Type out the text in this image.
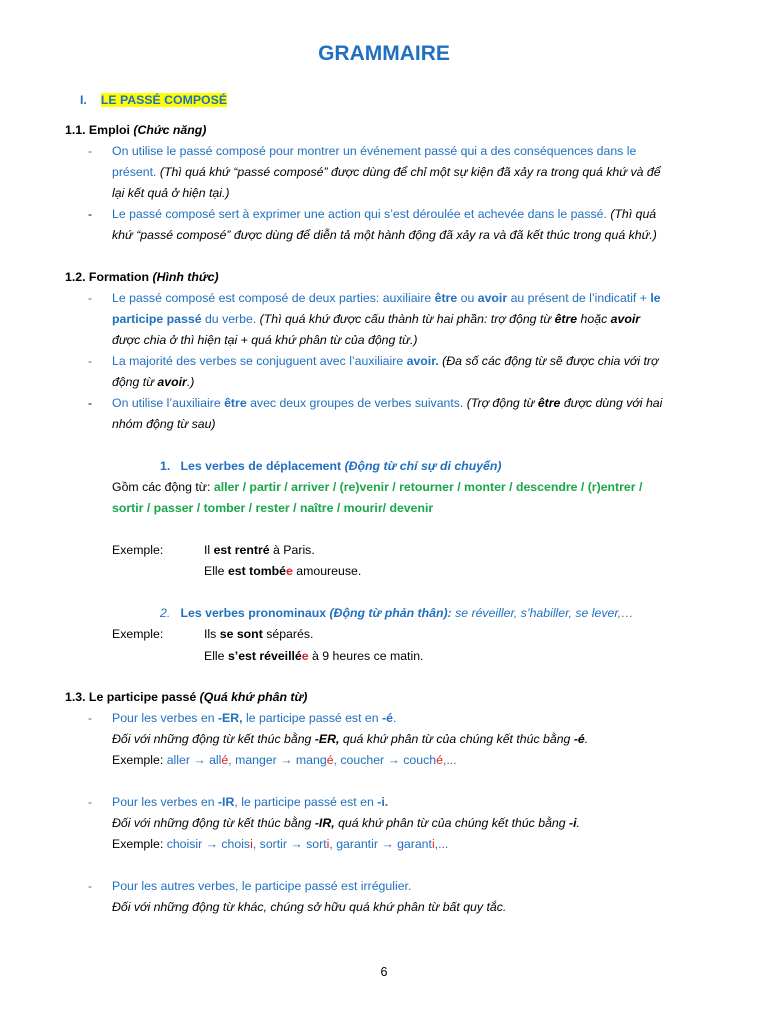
GRAMMAIRE
I. LE PASSÉ COMPOSÉ
1.1. Emploi (Chức năng)
- On utilise le passé composé pour montrer un événement passé qui a des conséquences dans le
présent. (Thì quá khứ “passé composé” được dùng để chỉ một sự kiện đã xảy ra trong quá khứ và để
lại kết quả ở hiện tại.)
- Le passé composé sert à exprimer une action qui s’est déroulée et achevée dans le passé. (Thì quá
khứ “passé composé” được dùng để diễn tả một hành động đã xảy ra và đã kết thúc trong quá khứ.)
1.2. Formation (Hình thức)
- Le passé composé est composé de deux parties: auxiliaire être ou avoir au présent de l’indicatif + le
participe passé du verbe. (Thì quá khứ được cấu thành từ hai phần: trợ động từ être hoặc avoir
được chia ở thì hiện tại + quá khứ phân từ của động từ.)
- La majorité des verbes se conjuguent avec l’auxiliaire avoir. (Đa số các động từ sẽ được chia với trợ
động từ avoir.)
- On utilise l’auxiliaire être avec deux groupes de verbes suivants. (Trợ động từ être được dùng với hai
nhóm động từ sau)
1. Les verbes de déplacement (Động từ chỉ sự di chuyển)
Gồm các động từ: aller / partir / arriver / (re)venir / retourner / monter / descendre / (r)entrer /
sortir / passer / tomber / rester / naître / mourir/ devenir
Exemple:	Il est rentré à Paris.
Elle est tombée amoureuse.
2. Les verbes pronominaux (Động từ phản thân): se réveiller, s’habiller, se lever,…
Exemple:	Ils se sont séparés.
Elle s’est réveillée à 9 heures ce matin.
1.3. Le participe passé (Quá khứ phân từ)
- Pour les verbes en -ER, le participe passé est en -é.
Đối với những động từ kết thúc bằng -ER, quá khứ phân từ của chúng kết thúc bằng -é.
Exemple: aller → allé, manger → mangé, coucher → couché,...
- Pour les verbes en -IR, le participe passé est en -i.
Đối với những động từ kết thúc bằng -IR, quá khứ phân từ của chúng kết thúc bằng -i.
Exemple: choisir → choisi, sortir → sorti, garantir → garanti,...
- Pour les autres verbes, le participe passé est irrégulier.
Đối với những động từ khác, chúng sở hữu quá khứ phân từ bất quy tắc.
6
